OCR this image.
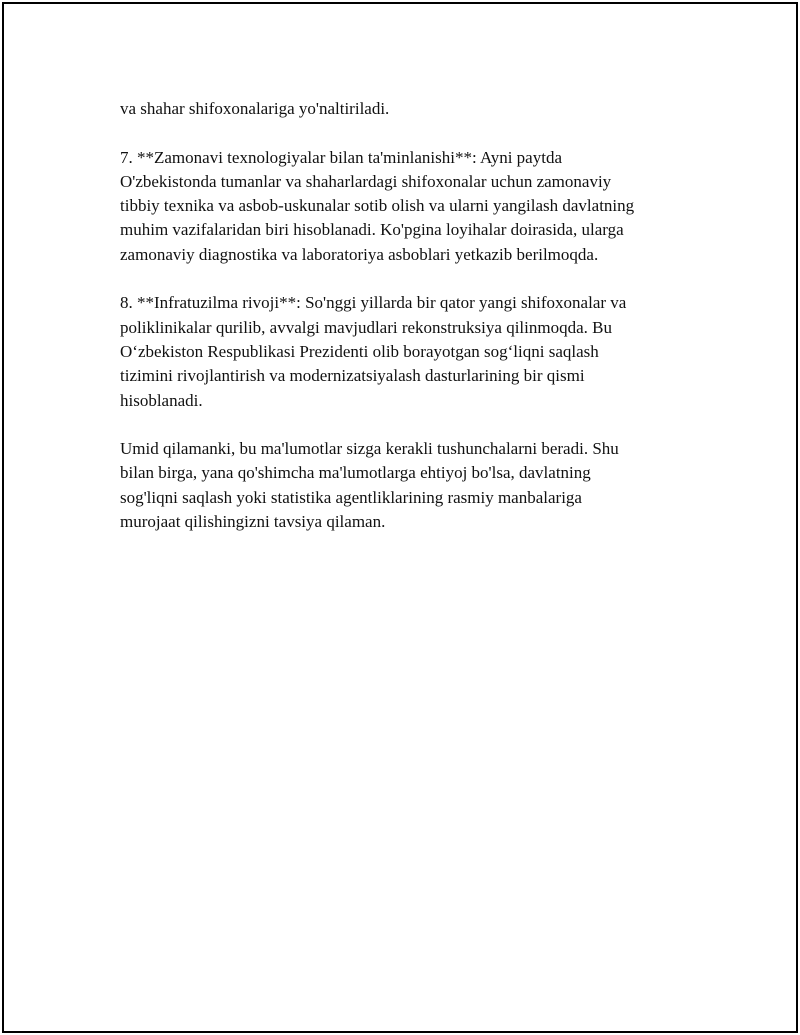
va shahar shifoxonalariga yo'naltiriladi.

7. **Zamonavi texnologiyalar bilan ta'minlanishi**: Ayni paytda
O'zbekistonda tumanlar va shaharlardagi shifoxonalar uchun zamonaviy
tibbiy texnika va asbob-uskunalar sotib olish va ularni yangilash davlatning
muhim vazifalaridan biri hisoblanadi. Ko'pgina loyihalar doirasida, ularga
zamonaviy diagnostika va laboratoriya asboblari yetkazib berilmoqda.

8. **Infratuzilma rivoji**: So'nggi yillarda bir qator yangi shifoxonalar va
poliklinikalar qurilib, avvalgi mavjudlari rekonstruksiya qilinmoqda. Bu
O‘zbekiston Respublikasi Prezidenti olib borayotgan sog‘liqni saqlash
tizimini rivojlantirish va modernizatsiyalash dasturlarining bir qismi
hisoblanadi.

Umid qilamanki, bu ma'lumotlar sizga kerakli tushunchalarni beradi. Shu
bilan birga, yana qo'shimcha ma'lumotlarga ehtiyoj bo'lsa, davlatning
sog'liqni saqlash yoki statistika agentliklarining rasmiy manbalariga
murojaat qilishingizni tavsiya qilaman.
